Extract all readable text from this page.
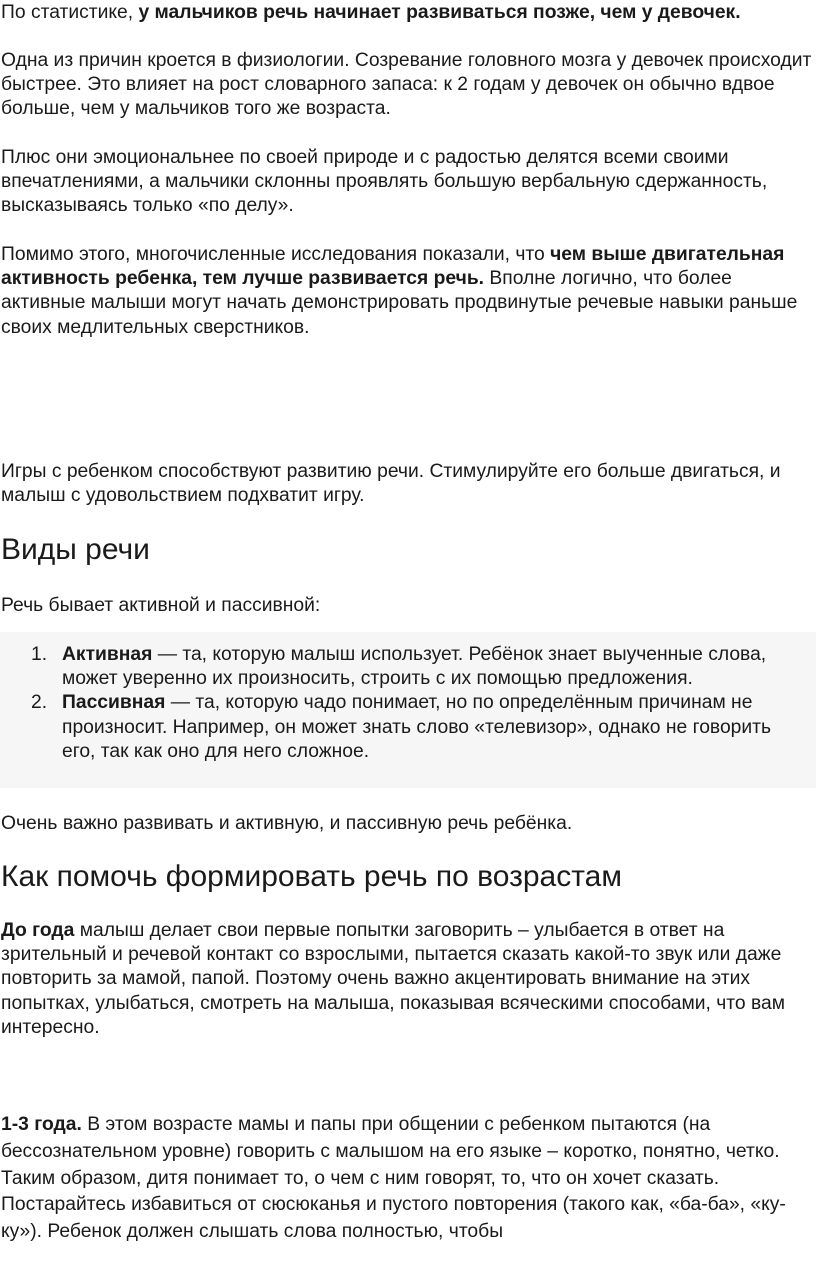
По статистике, у мальчиков речь начинает развиваться позже, чем у девочек.

Одна из причин кроется в физиологии. Созревание головного мозга у девочек происходит быстрее. Это влияет на рост словарного запаса: к 2 годам у девочек он обычно вдвое больше, чем у мальчиков того же возраста.

Плюс они эмоциональнее по своей природе и с радостью делятся всеми своими впечатлениями, а мальчики склонны проявлять большую вербальную сдержанность, высказываясь только «по делу».

Помимо этого, многочисленные исследования показали, что чем выше двигательная активность ребенка, тем лучше развивается речь. Вполне логично, что более активные малыши могут начать демонстрировать продвинутые речевые навыки раньше своих медлительных сверстников.

Игры с ребенком способствуют развитию речи. Стимулируйте его больше двигаться, и малыш с удовольствием подхватит игру.

Виды речи

Речь бывает активной и пассивной:

1. Активная — та, которую малыш использует. Ребёнок знает выученные слова, может уверенно их произносить, строить с их помощью предложения.
2. Пассивная — та, которую чадо понимает, но по определённым причинам не произносит. Например, он может знать слово «телевизор», однако не говорить его, так как оно для него сложное.

Очень важно развивать и активную, и пассивную речь ребёнка.

Как помочь формировать речь по возрастам

До года малыш делает свои первые попытки заговорить – улыбается в ответ на зрительный и речевой контакт со взрослыми, пытается сказать какой-то звук или даже повторить за мамой, папой. Поэтому очень важно акцентировать внимание на этих попытках, улыбаться, смотреть на малыша, показывая всяческими способами, что вам интересно.

1-3 года. В этом возрасте мамы и папы при общении с ребенком пытаются (на бессознательном уровне) говорить с малышом на его языке – коротко, понятно, четко. Таким образом, дитя понимает то, о чем с ним говорят, то, что он хочет сказать. Постарайтесь избавиться от сюсюканья и пустого повторения (такого как, «ба-ба», «ку-ку»). Ребенок должен слышать слова полностью, чтобы
